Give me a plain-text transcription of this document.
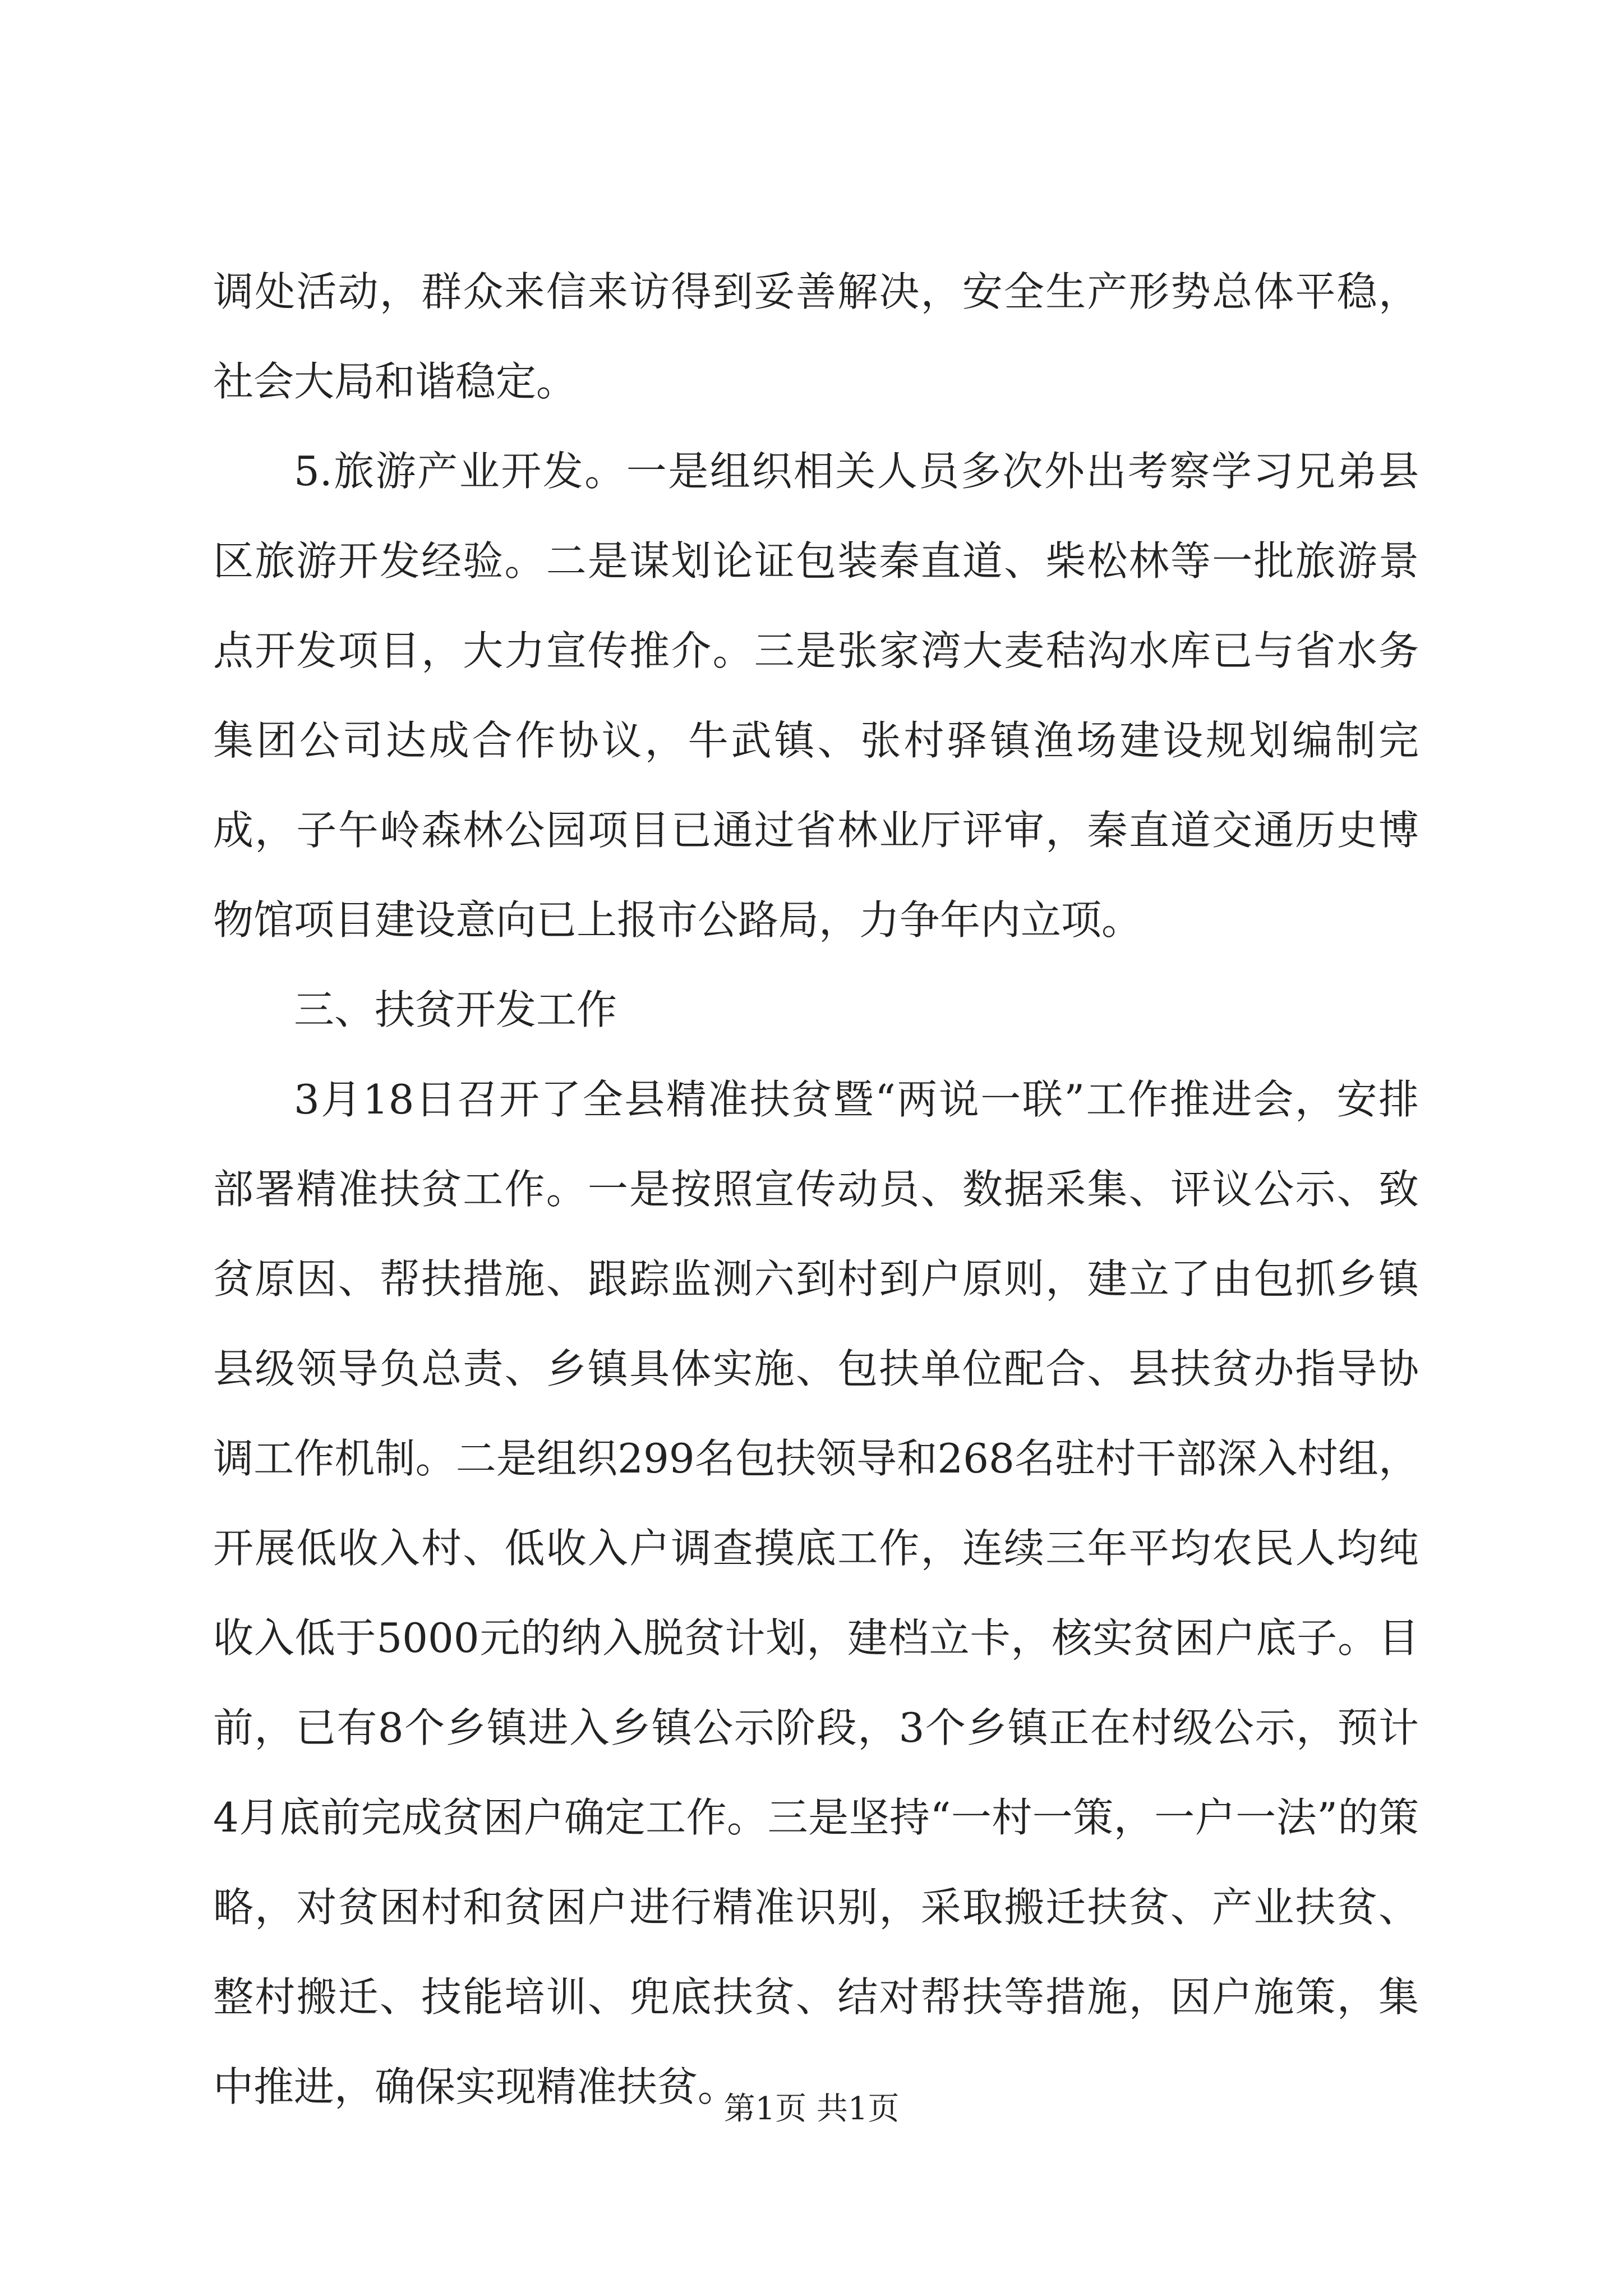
调处活动，群众来信来访得到妥善解决，安全生产形势总体平稳，社会大局和谐稳定。

5.旅游产业开发。一是组织相关人员多次外出考察学习兄弟县区旅游开发经验。二是谋划论证包装秦直道、柴松林等一批旅游景点开发项目，大力宣传推介。三是张家湾大麦秸沟水库已与省水务集团公司达成合作协议，牛武镇、张村驿镇渔场建设规划编制完成，子午岭森林公园项目已通过省林业厅评审，秦直道交通历史博物馆项目建设意向已上报市公路局，力争年内立项。

三、扶贫开发工作

3月18日召开了全县精准扶贫暨“两说一联”工作推进会，安排部署精准扶贫工作。一是按照宣传动员、数据采集、评议公示、致贫原因、帮扶措施、跟踪监测六到村到户原则，建立了由包抓乡镇县级领导负总责、乡镇具体实施、包扶单位配合、县扶贫办指导协调工作机制。二是组织299名包扶领导和268名驻村干部深入村组，开展低收入村、低收入户调查摸底工作，连续三年平均农民人均纯收入低于5000元的纳入脱贫计划，建档立卡，核实贫困户底子。目前，已有8个乡镇进入乡镇公示阶段，3个乡镇正在村级公示，预计4月底前完成贫困户确定工作。三是坚持“一村一策，一户一法”的策略，对贫困村和贫困户进行精准识别，采取搬迁扶贫、产业扶贫、整村搬迁、技能培训、兜底扶贫、结对帮扶等措施，因户施策，集中推进，确保实现精准扶贫。

第1页 共1页
